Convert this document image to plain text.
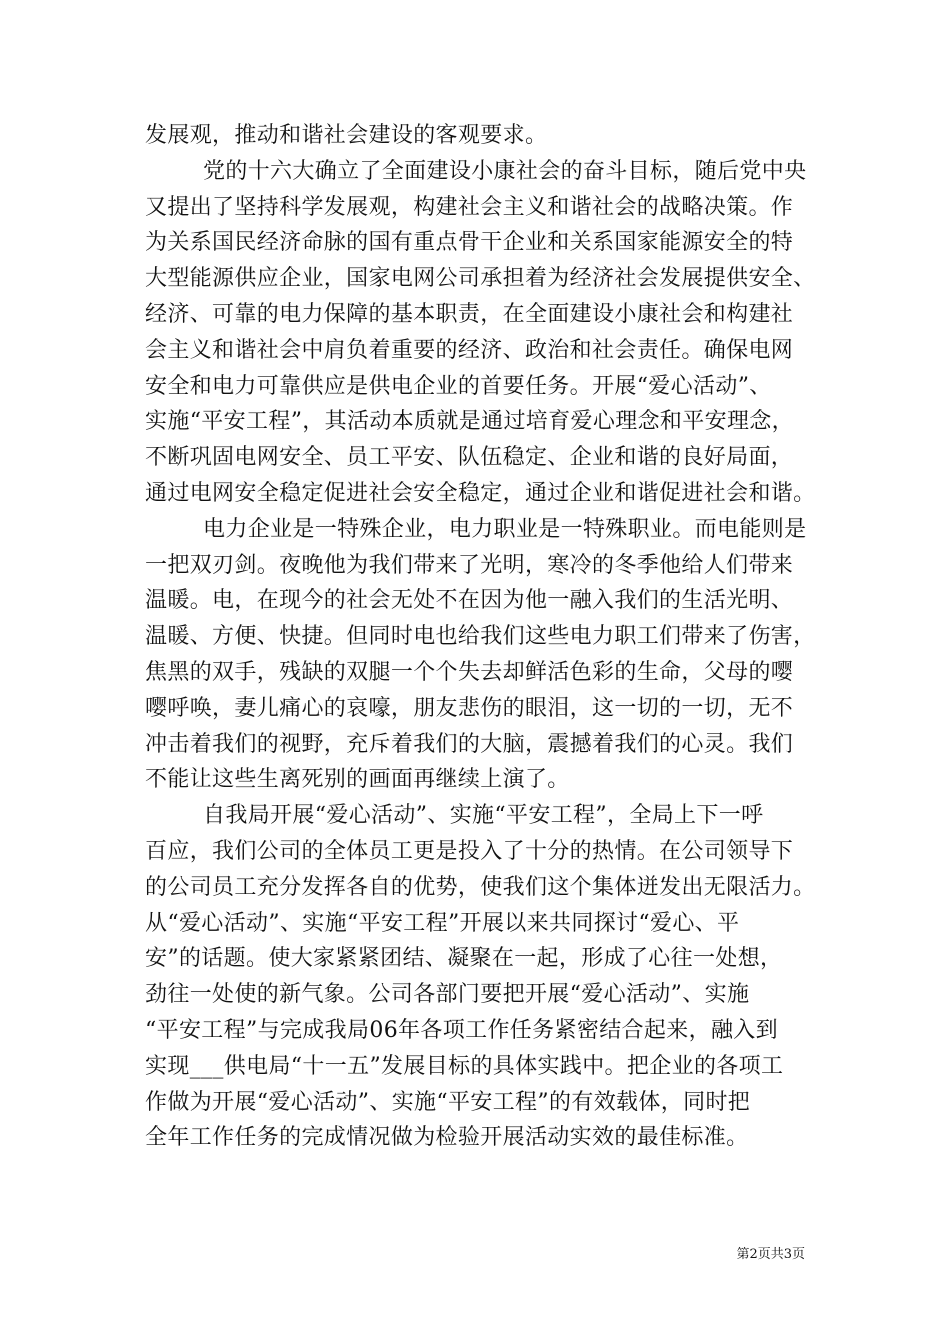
发展观，推动和谐社会建设的客观要求。
党的十六大确立了全面建设小康社会的奋斗目标，随后党中央
又提出了坚持科学发展观，构建社会主义和谐社会的战略决策。作
为关系国民经济命脉的国有重点骨干企业和关系国家能源安全的特
大型能源供应企业，国家电网公司承担着为经济社会发展提供安全、
经济、可靠的电力保障的基本职责，在全面建设小康社会和构建社
会主义和谐社会中肩负着重要的经济、政治和社会责任。确保电网
安全和电力可靠供应是供电企业的首要任务。开展“爱心活动”、
实施“平安工程”，其活动本质就是通过培育爱心理念和平安理念，
不断巩固电网安全、员工平安、队伍稳定、企业和谐的良好局面，
通过电网安全稳定促进社会安全稳定，通过企业和谐促进社会和谐。
电力企业是一特殊企业，电力职业是一特殊职业。而电能则是
一把双刃剑。夜晚他为我们带来了光明，寒冷的冬季他给人们带来
温暖。电，在现今的社会无处不在因为他一融入我们的生活光明、
温暖、方便、快捷。但同时电也给我们这些电力职工们带来了伤害，
焦黑的双手，残缺的双腿一个个失去却鲜活色彩的生命，父母的嘤
嘤呼唤，妻儿痛心的哀嚎，朋友悲伤的眼泪，这一切的一切，无不
冲击着我们的视野，充斥着我们的大脑，震撼着我们的心灵。我们
不能让这些生离死别的画面再继续上演了。
自我局开展“爱心活动”、实施“平安工程”，全局上下一呼
百应，我们公司的全体员工更是投入了十分的热情。在公司领导下
的公司员工充分发挥各自的优势，使我们这个集体迸发出无限活力。
从“爱心活动”、实施“平安工程”开展以来共同探讨“爱心、平
安”的话题。使大家紧紧团结、凝聚在一起，形成了心往一处想，
劲往一处使的新气象。公司各部门要把开展“爱心活动”、实施
“平安工程”与完成我局06年各项工作任务紧密结合起来，融入到
实现___供电局“十一五”发展目标的具体实践中。把企业的各项工
作做为开展“爱心活动”、实施“平安工程”的有效载体，同时把
全年工作任务的完成情况做为检验开展活动实效的最佳标准。
第2页共3页
